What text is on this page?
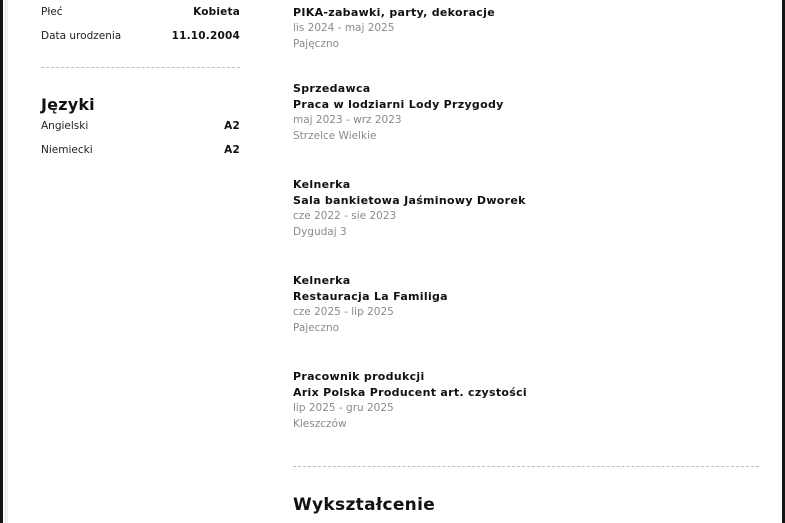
Płeć	Kobieta
Data urodzenia	11.10.2004
Języki
Angielski	A2
Niemiecki	A2
PIKA-zabawki, party, dekoracje
lis 2024 - maj 2025
Pajęczno
Sprzedawca
Praca w lodziarni Lody Przygody
maj 2023 - wrz 2023
Strzelce Wielkie
Kelnerka
Sala bankietowa Jaśminowy Dworek
cze 2022 - sie 2023
Dygudaj 3
Kelnerka
Restauracja La Familiga
cze 2025 - lip 2025
Pajeczno
Pracownik produkcji
Arix Polska Producent art. czystości
lip 2025 - gru 2025
Kleszczów
Wykształcenie
